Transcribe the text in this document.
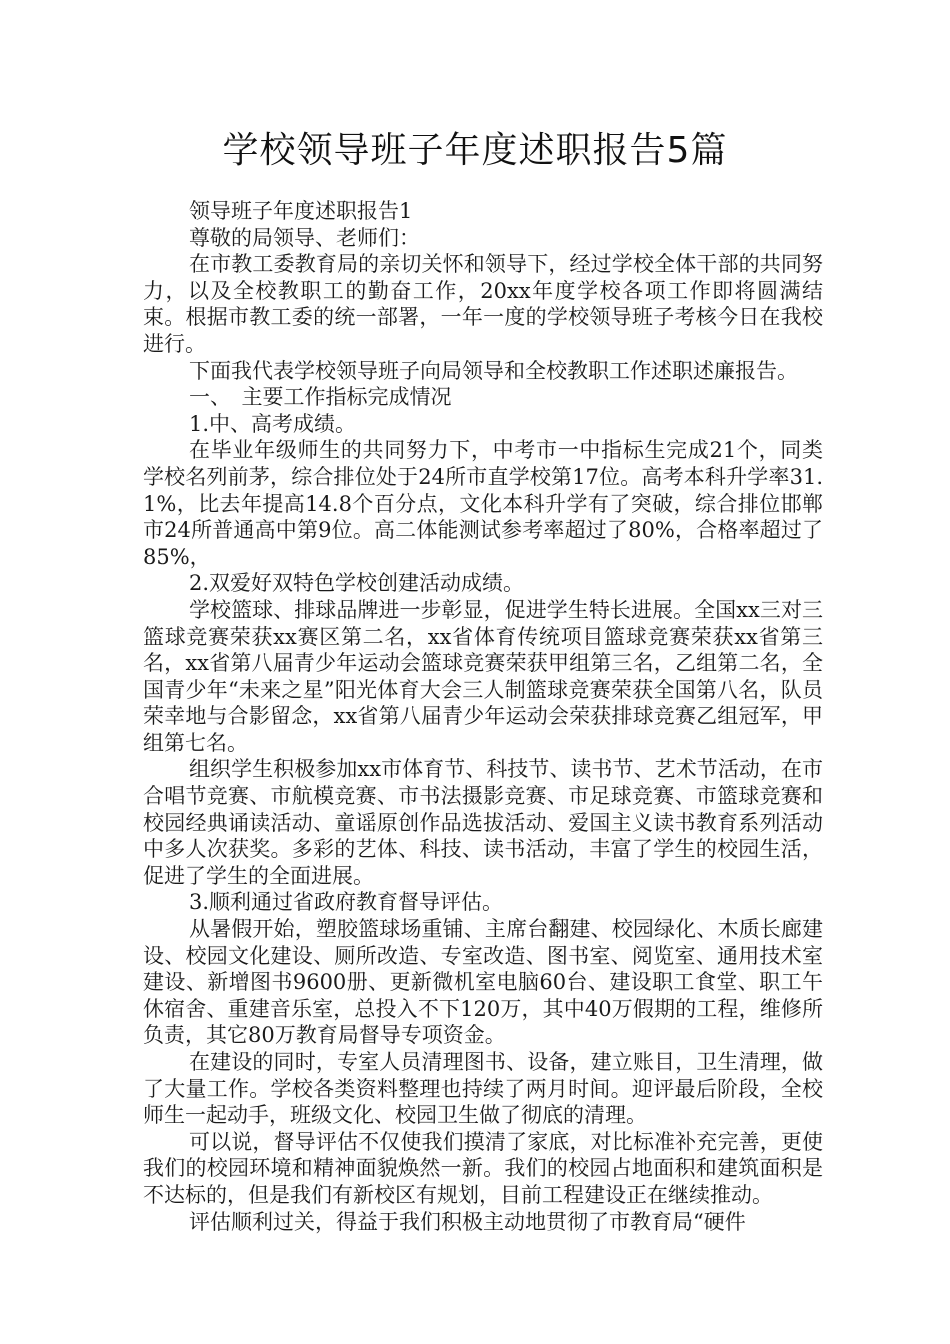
学校领导班子年度述职报告5篇

领导班子年度述职报告1

尊敬的局领导、老师们：

在市教工委教育局的亲切关怀和领导下，经过学校全体干部的共同努力，以及全校教职工的勤奋工作，20xx年度学校各项工作即将圆满结束。根据市教工委的统一部署，一年一度的学校领导班子考核今日在我校进行。

下面我代表学校领导班子向局领导和全校教职工作述职述廉报告。

一、　主要工作指标完成情况

1.中、高考成绩。

在毕业年级师生的共同努力下，中考市一中指标生完成21个，同类学校名列前茅，综合排位处于24所市直学校第17位。高考本科升学率31.1%，比去年提高14.8个百分点，文化本科升学有了突破，综合排位邯郸市24所普通高中第9位。高二体能测试参考率超过了80%，合格率超过了85%，

2.双爱好双特色学校创建活动成绩。

学校篮球、排球品牌进一步彰显，促进学生特长进展。全国xx三对三篮球竞赛荣获xx赛区第二名，xx省体育传统项目篮球竞赛荣获xx省第三名，xx省第八届青少年运动会篮球竞赛荣获甲组第三名，乙组第二名，全国青少年“未来之星”阳光体育大会三人制篮球竞赛荣获全国第八名，队员荣幸地与合影留念，xx省第八届青少年运动会荣获排球竞赛乙组冠军，甲组第七名。

组织学生积极参加xx市体育节、科技节、读书节、艺术节活动，在市合唱节竞赛、市航模竞赛、市书法摄影竞赛、市足球竞赛、市篮球竞赛和校园经典诵读活动、童谣原创作品选拔活动、爱国主义读书教育系列活动中多人次获奖。多彩的艺体、科技、读书活动，丰富了学生的校园生活，促进了学生的全面进展。

3.顺利通过省政府教育督导评估。

从暑假开始，塑胶篮球场重铺、主席台翻建、校园绿化、木质长廊建设、校园文化建设、厕所改造、专室改造、图书室、阅览室、通用技术室建设、新增图书9600册、更新微机室电脑60台、建设职工食堂、职工午休宿舍、重建音乐室，总投入不下120万，其中40万假期的工程，维修所负责，其它80万教育局督导专项资金。

在建设的同时，专室人员清理图书、设备，建立账目，卫生清理，做了大量工作。学校各类资料整理也持续了两月时间。迎评最后阶段，全校师生一起动手，班级文化、校园卫生做了彻底的清理。

可以说，督导评估不仅使我们摸清了家底，对比标准补充完善，更使我们的校园环境和精神面貌焕然一新。我们的校园占地面积和建筑面积是不达标的，但是我们有新校区有规划，目前工程建设正在继续推动。

评估顺利过关，得益于我们积极主动地贯彻了市教育局“硬件
